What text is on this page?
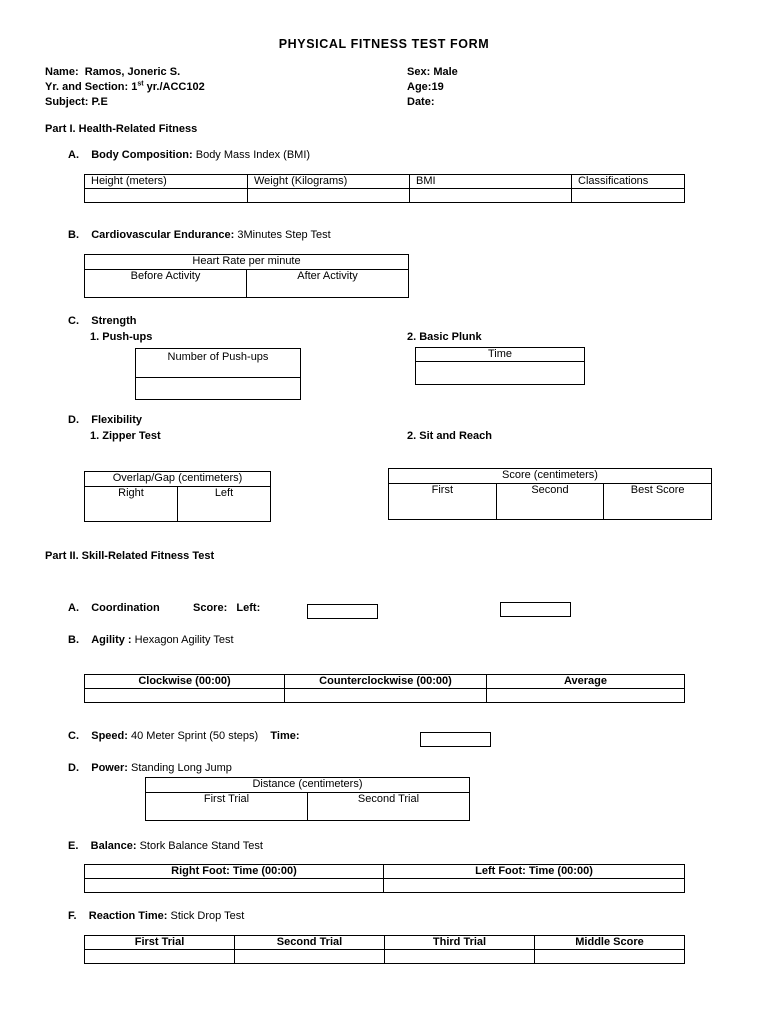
PHYSICAL FITNESS TEST FORM
Name: Ramos, Joneric S.	Sex: Male
Yr. and Section: 1st yr./ACC102	Age:19
Subject: P.E	Date:
Part I. Health-Related Fitness
A. Body Composition: Body Mass Index (BMI)
Height (meters)	Weight (Kilograms)	BMI	Classifications

B. Cardiovascular Endurance: 3Minutes Step Test
Heart Rate per minute
Before Activity	After Activity
C. Strength
1. Push-ups	2. Basic Plunk
Number of Push-ups	Time

D. Flexibility
1. Zipper Test	2. Sit and Reach
Overlap/Gap (centimeters)
Right	Left
Score (centimeters)
First	Second	Best Score
Part II. Skill-Related Fitness Test
A. Coordination	Score: Left:
B. Agility : Hexagon Agility Test
Clockwise (00:00)	Counterclockwise (00:00)	Average

C. Speed: 40 Meter Sprint (50 steps) Time:
D. Power: Standing Long Jump
Distance (centimeters)
First Trial	Second Trial
E. Balance: Stork Balance Stand Test
Right Foot: Time (00:00)	Left Foot: Time (00:00)

F. Reaction Time: Stick Drop Test
First Trial	Second Trial	Third Trial	Middle Score
